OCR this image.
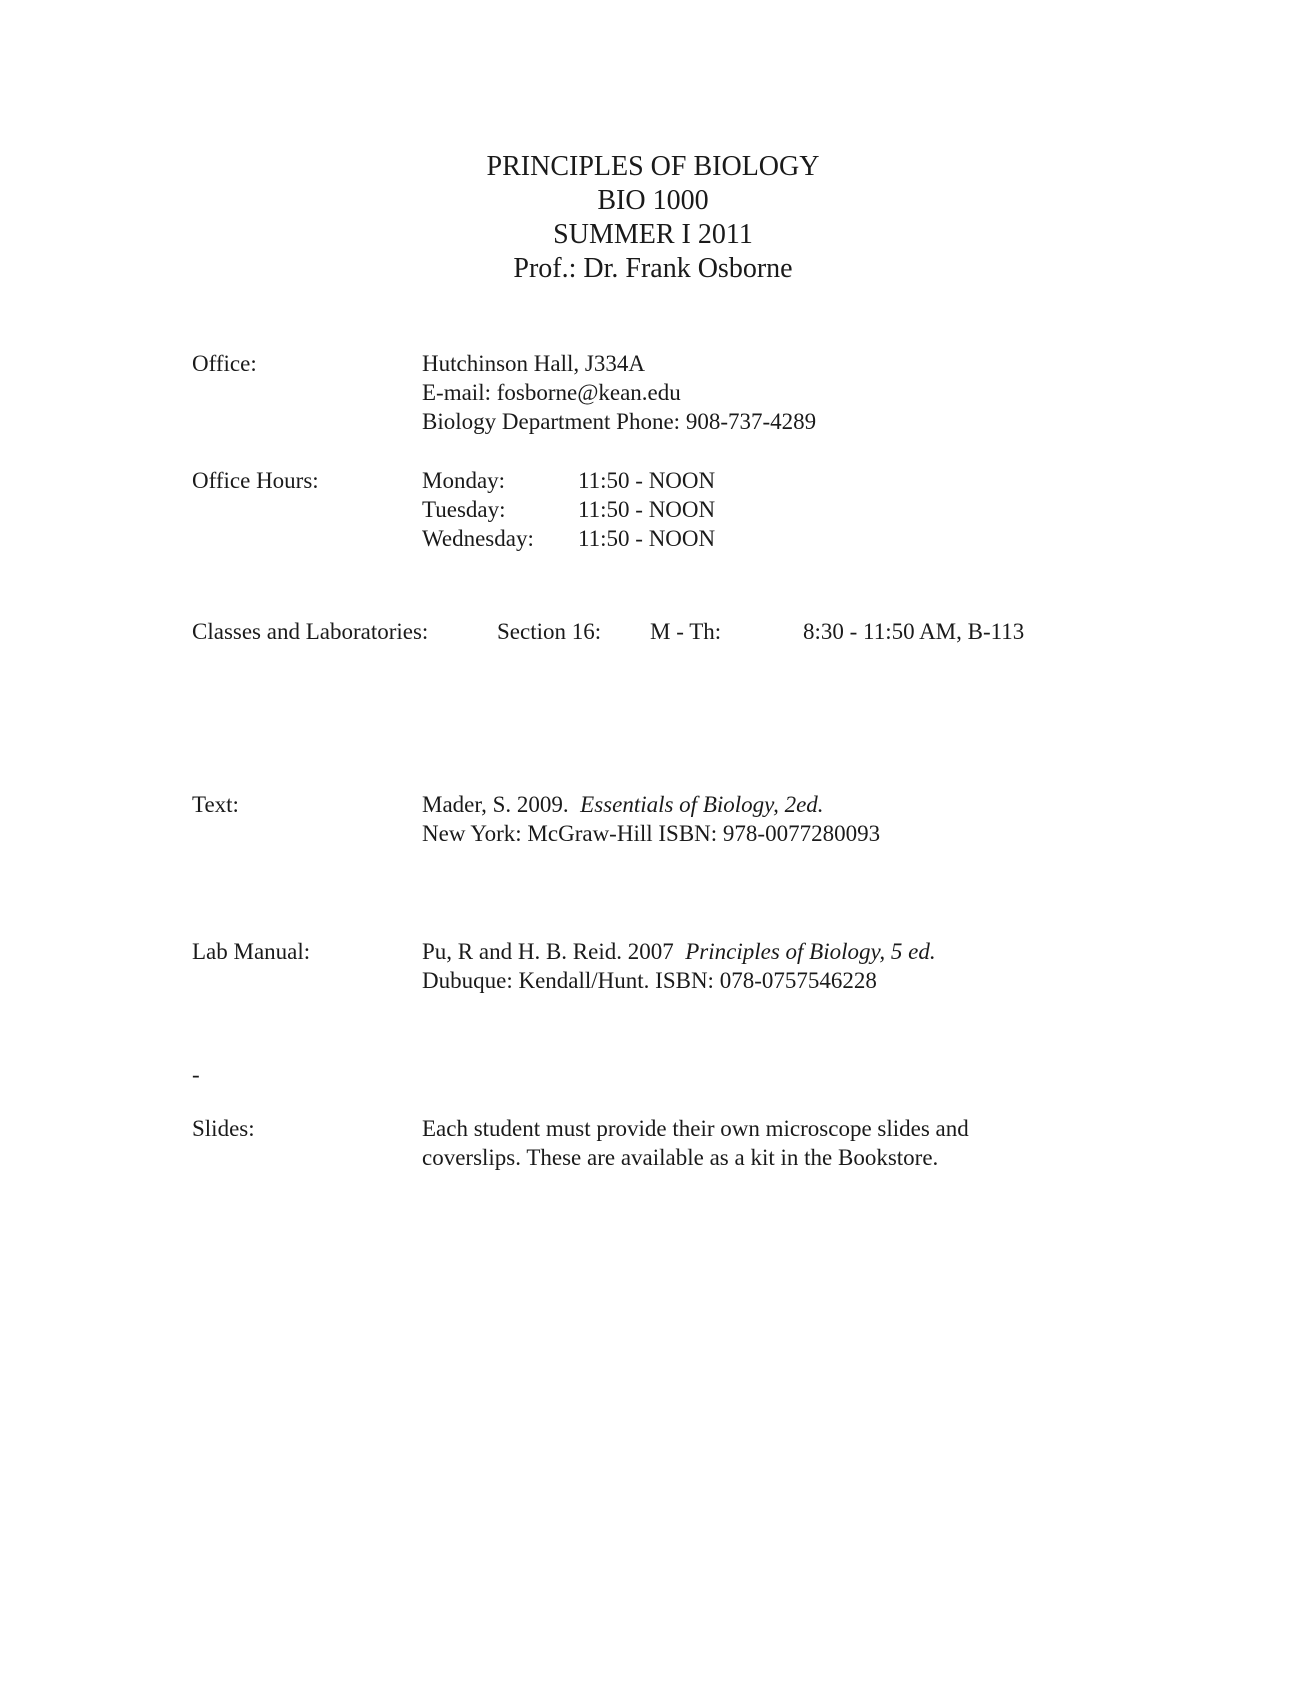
PRINCIPLES OF BIOLOGY
BIO 1000
SUMMER I 2011
Prof.: Dr. Frank Osborne
Office:	Hutchinson Hall, J334A
E-mail: fosborne@kean.edu
Biology Department Phone: 908-737-4289
Office Hours:	Monday:	11:50 - NOON
Tuesday:	11:50 - NOON
Wednesday: 11:50 - NOON
Classes and Laboratories:	Section 16: M - Th:	8:30 - 11:50 AM, B-113
Text:	Mader, S. 2009. Essentials of Biology, 2ed.
New York: McGraw-Hill ISBN: 978-0077280093
Lab Manual:	Pu, R and H. B. Reid. 2007 Principles of Biology, 5 ed.
Dubuque: Kendall/Hunt. ISBN: 078-0757546228
-
Slides:	Each student must provide their own microscope slides and
coverslips. These are available as a kit in the Bookstore.
